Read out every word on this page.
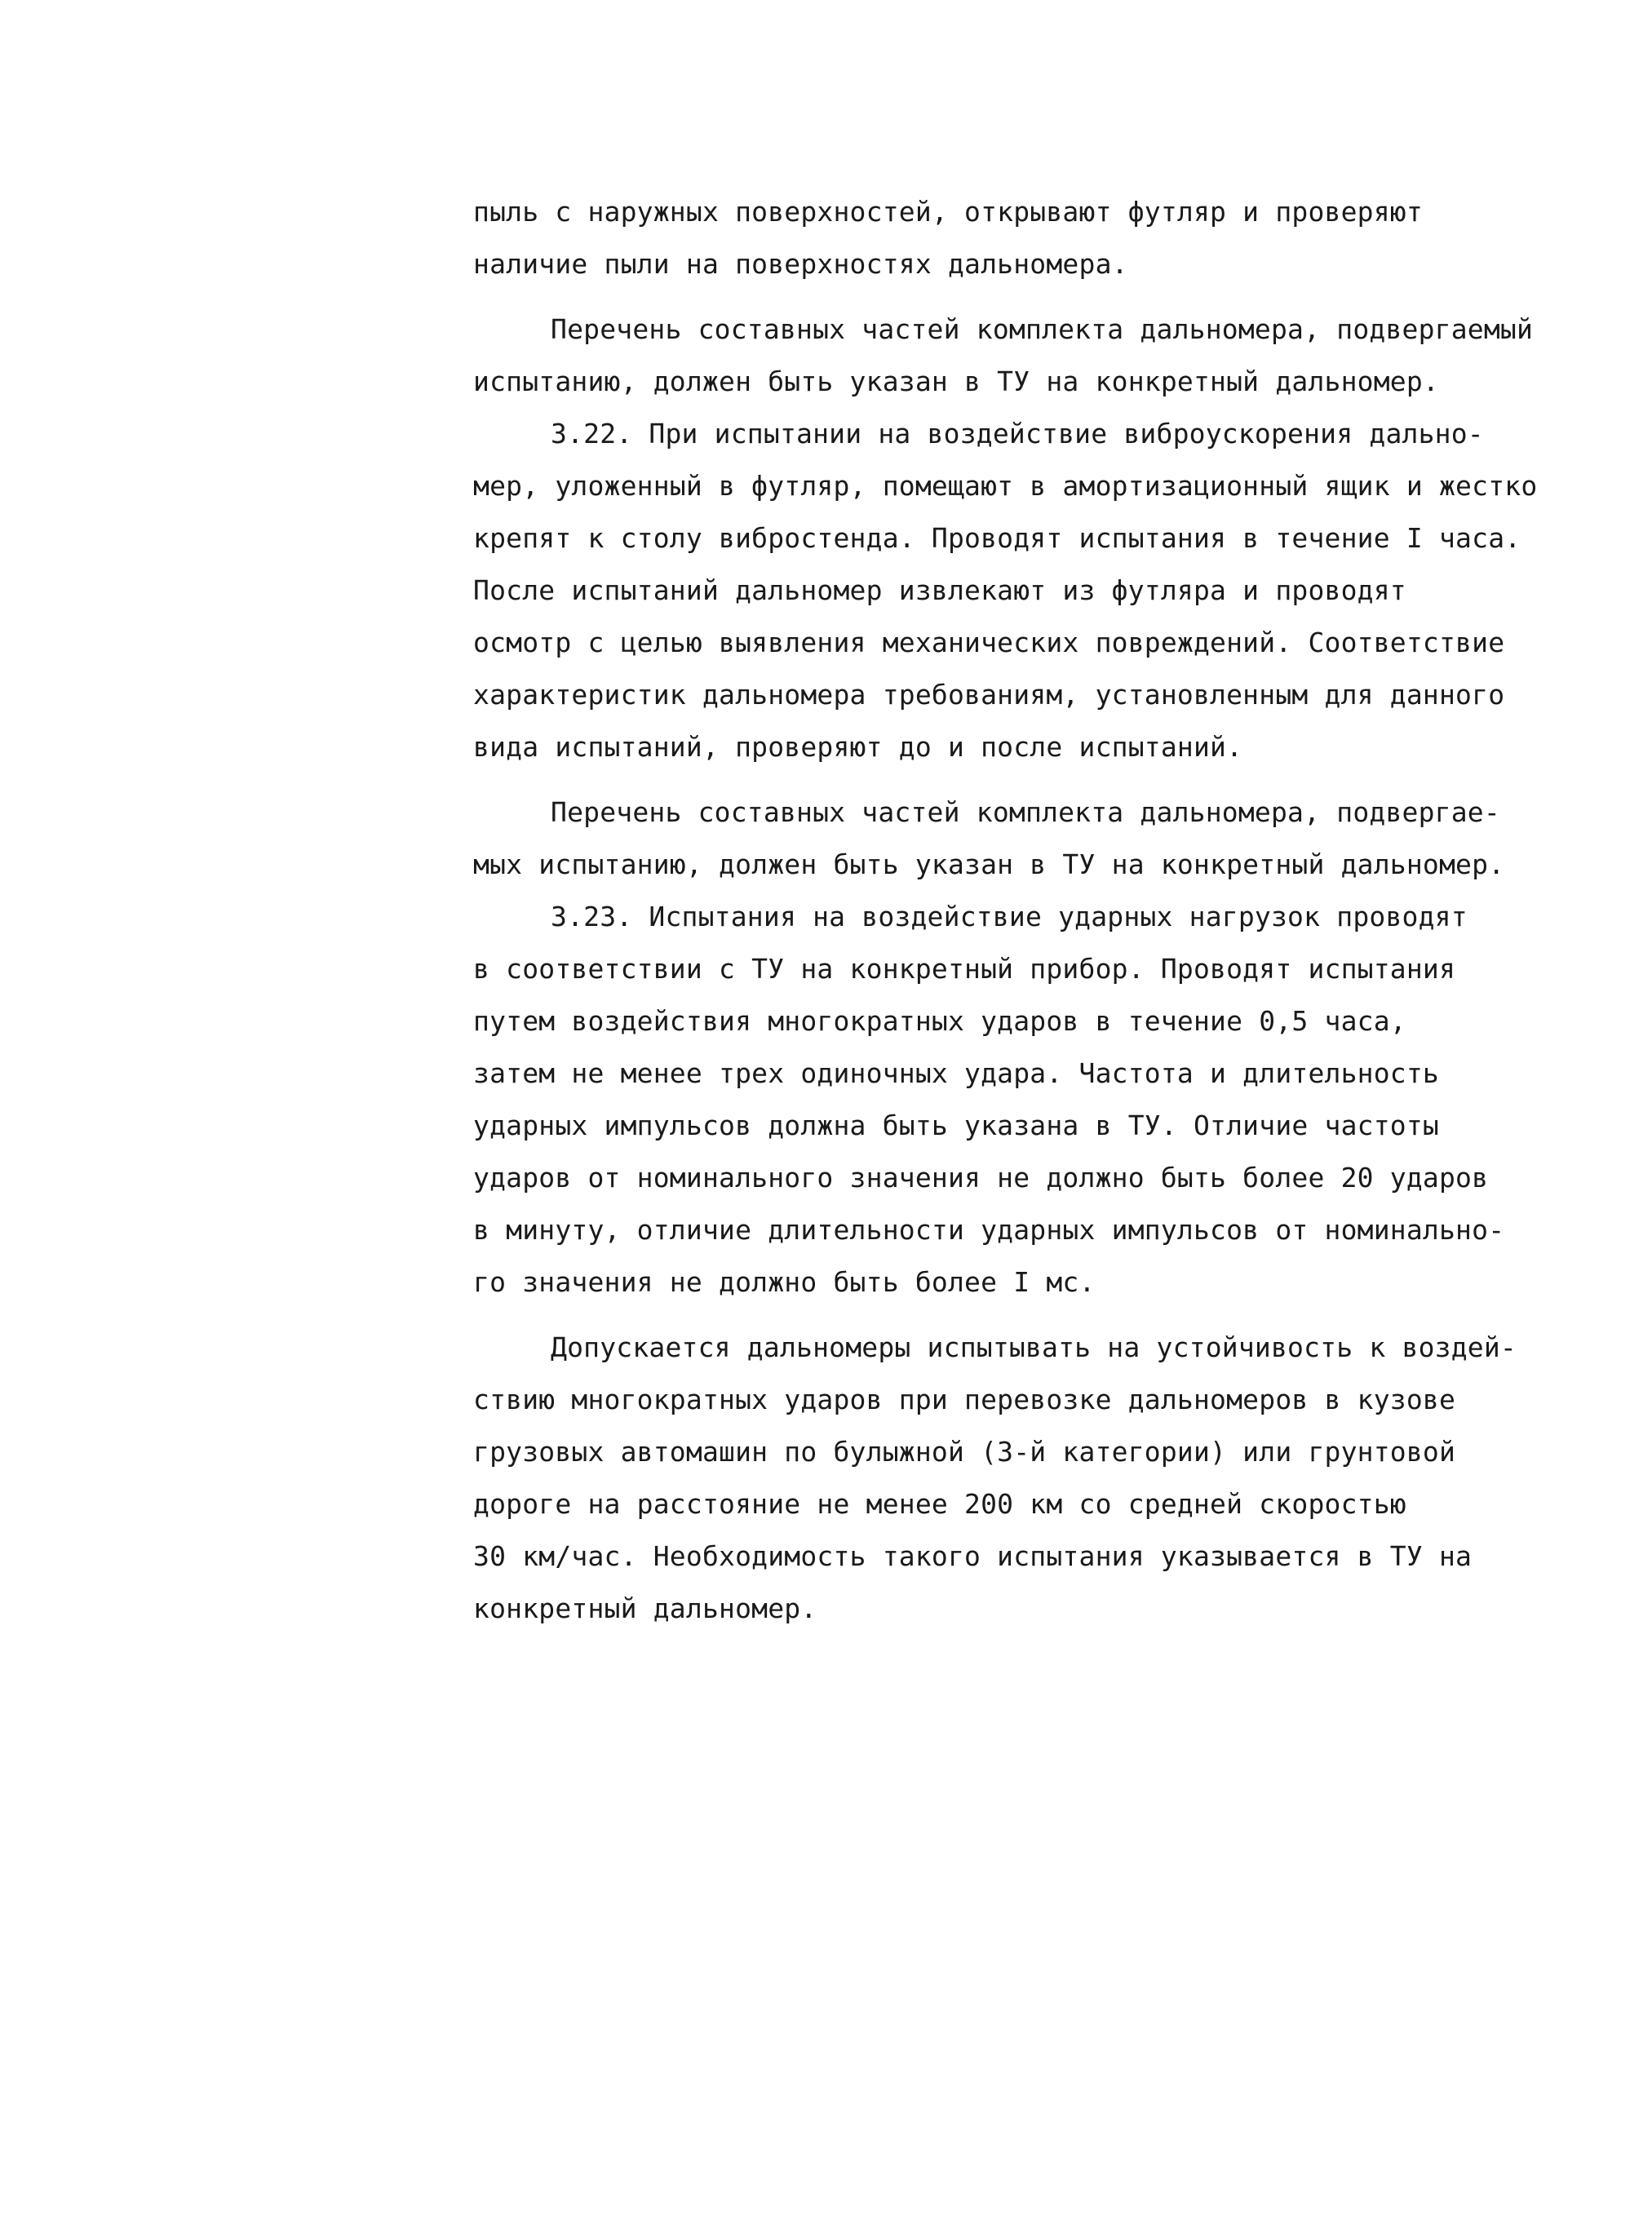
пыль с наружных поверхностей, открывают футляр и проверяют
наличие пыли на поверхностях дальномера.
Перечень составных частей комплекта дальномера, подвергаемый
испытанию, должен быть указан в ТУ на конкретный дальномер.
3.22. При испытании на воздействие виброускорения дально-
мер, уложенный в футляр, помещают в амортизационный ящик и жестко
крепят к столу вибростенда. Проводят испытания в течение I часа.
После испытаний дальномер извлекают из футляра и проводят
осмотр с целью выявления механических повреждений. Соответствие
характеристик дальномера требованиям, установленным для данного
вида испытаний, проверяют до и после испытаний.
Перечень составных частей комплекта дальномера, подвергае-
мых испытанию, должен быть указан в ТУ на конкретный дальномер.
3.23. Испытания на воздействие ударных нагрузок проводят
в соответствии с ТУ на конкретный прибор. Проводят испытания
путем воздействия многократных ударов в течение 0,5 часа,
затем не менее трех одиночных удара. Частота и длительность
ударных импульсов должна быть указана в ТУ. Отличие частоты
ударов от номинального значения не должно быть более 20 ударов
в минуту, отличие длительности ударных импульсов от номинально-
го значения не должно быть более I мс.
Допускается дальномеры испытывать на устойчивость к воздей-
ствию многократных ударов при перевозке дальномеров в кузове
грузовых автомашин по булыжной (3-й категории) или грунтовой
дороге на расстояние не менее 200 км со средней скоростью
30 км/час. Необходимость такого испытания указывается в ТУ на
конкретный дальномер.
